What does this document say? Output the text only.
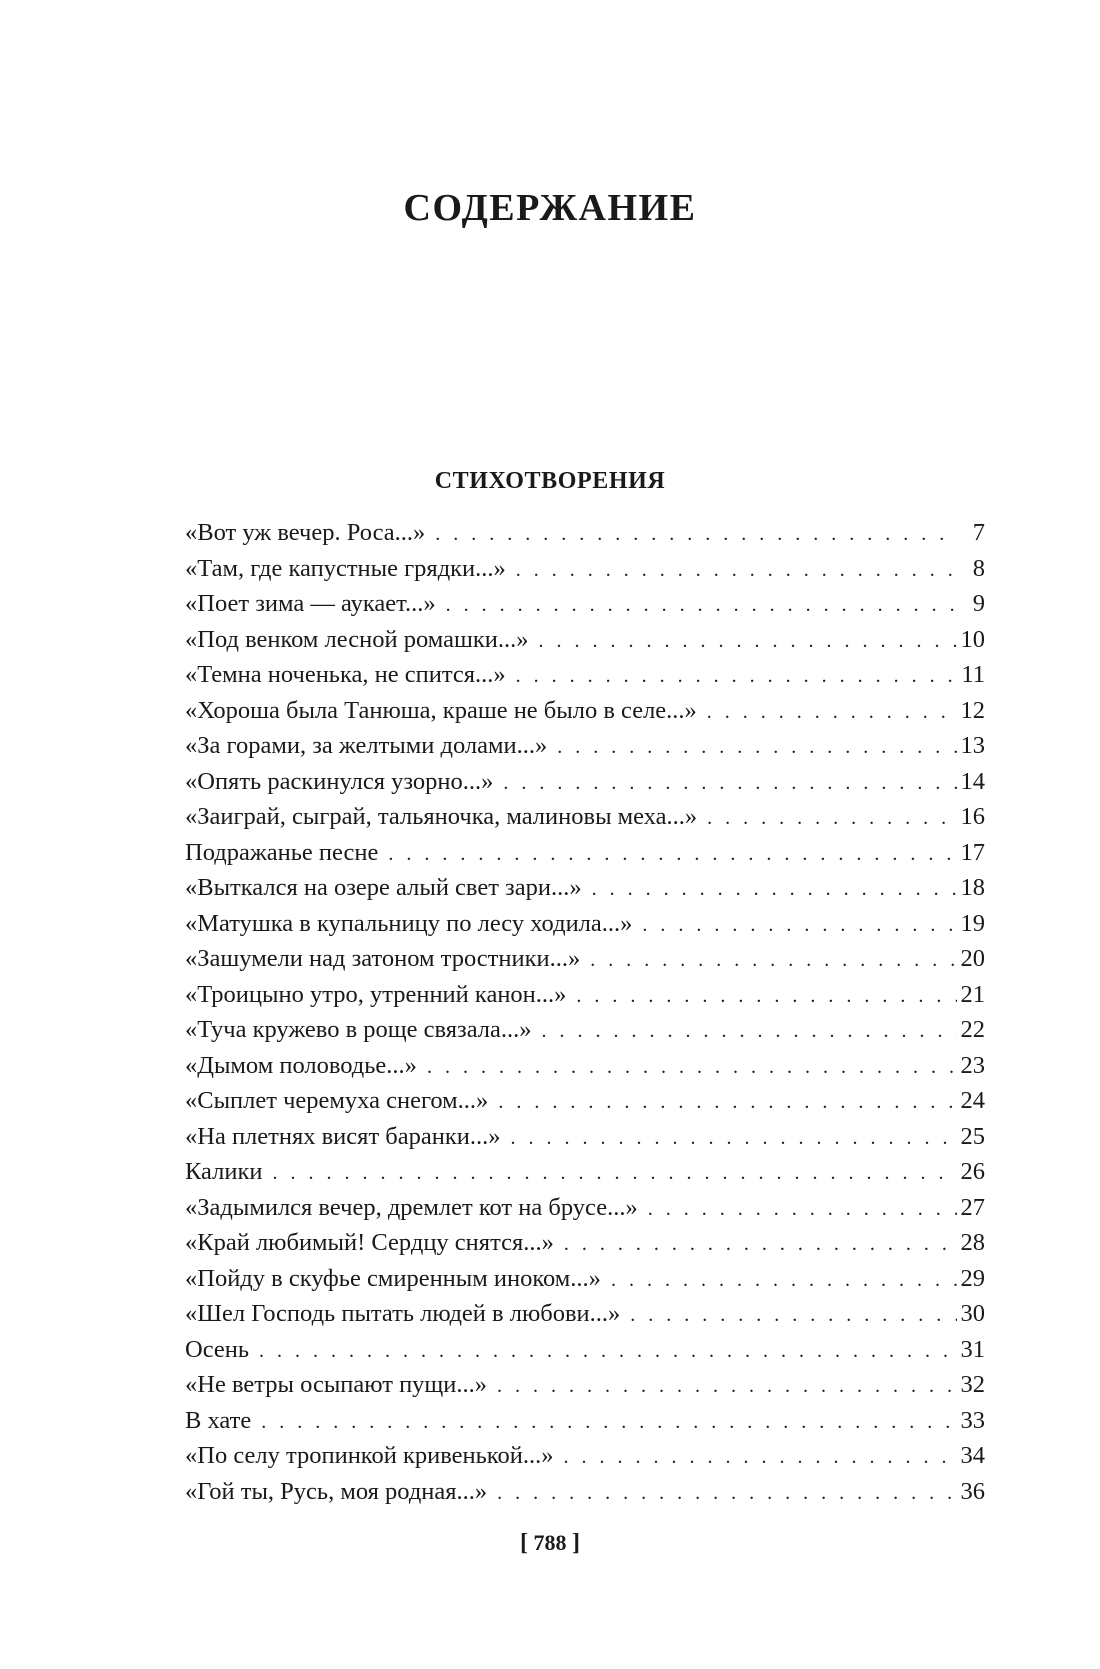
СОДЕРЖАНИЕ
СТИХОТВОРЕНИЯ
«Вот уж вечер. Роса...» . . .	7
«Там, где капустные грядки...» . . .	8
«Поет зима — аукает...» . . .	9
«Под венком лесной ромашки...» . . .	10
«Темна ноченька, не спится...» . . .	11
«Хороша была Танюша, краше не было в селе...» . . .	12
«За горами, за желтыми долами...» . . .	13
«Опять раскинулся узорно...» . . .	14
«Заиграй, сыграй, тальяночка, малиновы меха...» . . .	16
Подражанье песне . . .	17
«Выткался на озере алый свет зари...» . . .	18
«Матушка в купальницу по лесу ходила...» . . .	19
«Зашумели над затоном тростники...» . . .	20
«Троицыно утро, утренний канон...» . . .	21
«Туча кружево в роще связала...» . . .	22
«Дымом половодье...» . . .	23
«Сыплет черемуха снегом...» . . .	24
«На плетнях висят баранки...» . . .	25
Калики . . .	26
«Задымился вечер, дремлет кот на брусе...» . . .	27
«Край любимый! Сердцу снятся...» . . .	28
«Пойду в скуфье смиренным иноком...» . . .	29
«Шел Господь пытать людей в любови...» . . .	30
Осень . . .	31
«Не ветры осыпают пущи...» . . .	32
В хате . . .	33
«По селу тропинкой кривенькой...» . . .	34
«Гой ты, Русь, моя родная...» . . .	36
[ 788 ]
